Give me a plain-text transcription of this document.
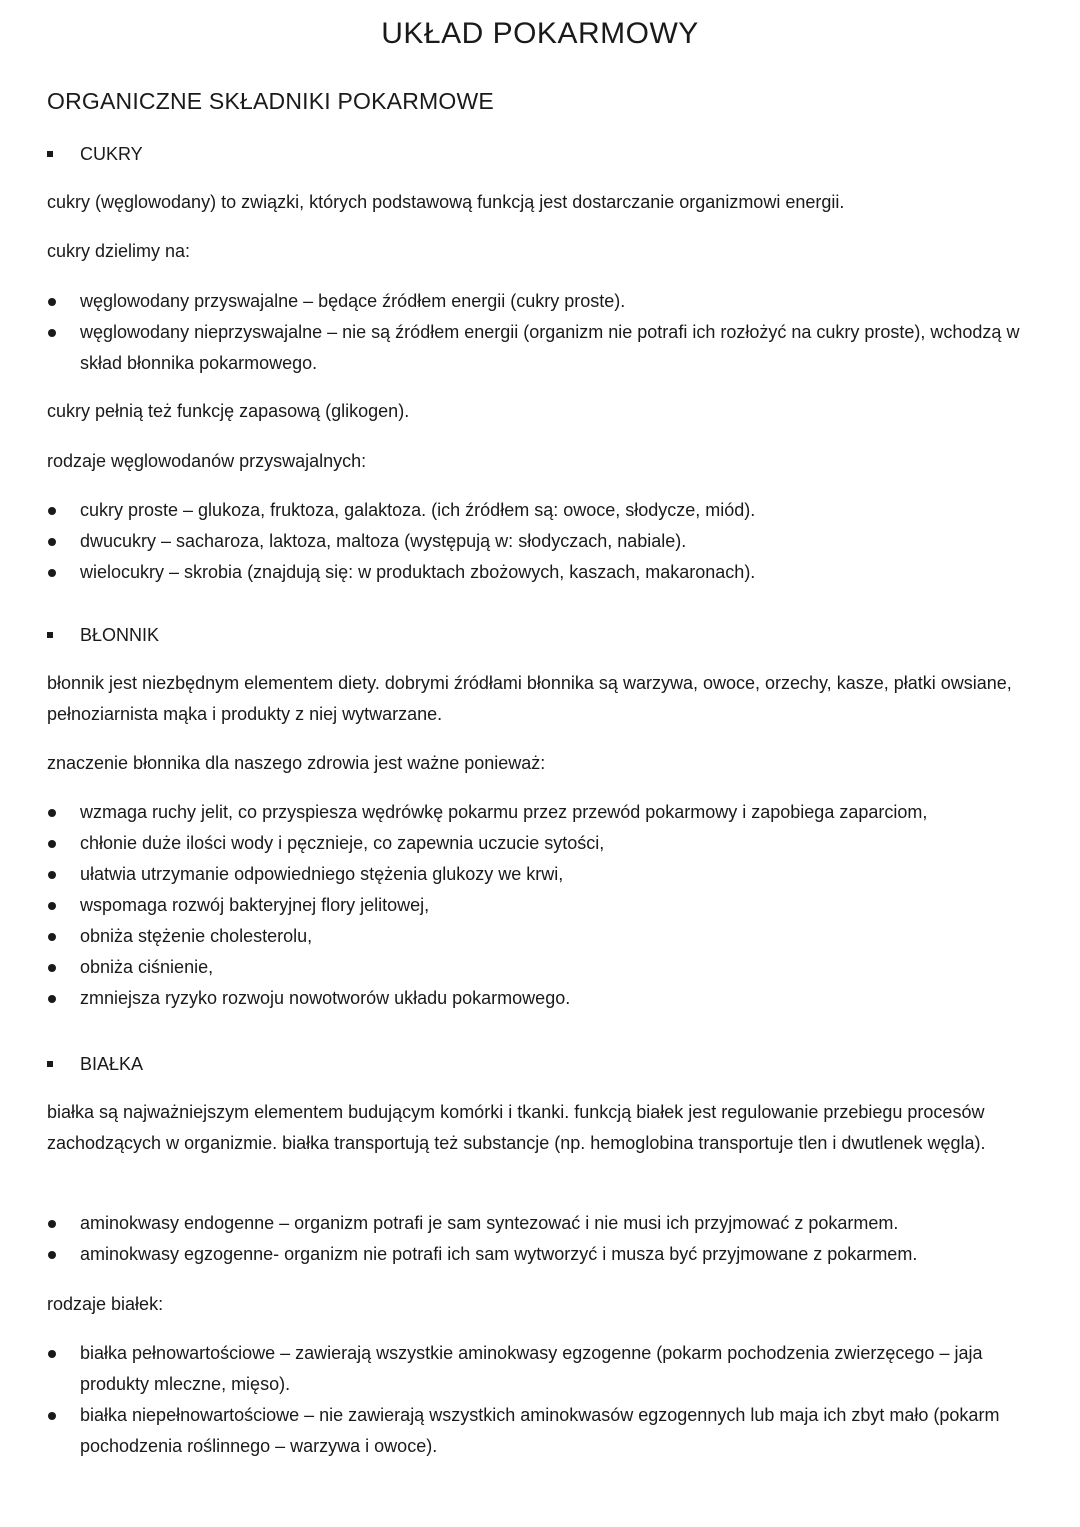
UKŁAD POKARMOWY
ORGANICZNE SKŁADNIKI POKARMOWE
CUKRY

cukry (węglowodany) to związki, których podstawową funkcją jest dostarczanie organizmowi energii.

cukry dzielimy na:

węglowodany przyswajalne – będące źródłem energii (cukry proste).
węglowodany nieprzyswajalne – nie są źródłem energii (organizm nie potrafi ich rozłożyć na cukry proste), wchodzą w skład błonnika pokarmowego.

cukry pełnią też funkcję zapasową (glikogen).

rodzaje węglowodanów przyswajalnych:

cukry proste – glukoza, fruktoza, galaktoza. (ich źródłem są: owoce, słodycze, miód).
dwucukry – sacharoza, laktoza, maltoza (występują w: słodyczach, nabiale).
wielocukry – skrobia (znajdują się: w produktach zbożowych, kaszach, makaronach).
BŁONNIK

błonnik jest niezbędnym elementem diety. dobrymi źródłami błonnika są warzywa, owoce, orzechy, kasze, płatki owsiane, pełnoziarnista mąka i produkty z niej wytwarzane.

znaczenie błonnika dla naszego zdrowia jest ważne ponieważ:

wzmaga ruchy jelit, co przyspiesza wędrówkę pokarmu przez przewód pokarmowy i zapobiega zaparciom,
chłonie duże ilości wody i pęcznieje, co zapewnia uczucie sytości,
ułatwia utrzymanie odpowiedniego stężenia glukozy we krwi,
wspomaga rozwój bakteryjnej flory jelitowej,
obniża stężenie cholesterolu,
obniża ciśnienie,
zmniejsza ryzyko rozwoju nowotworów układu pokarmowego.
BIAŁKA

białka są najważniejszym elementem budującym komórki i tkanki. funkcją białek jest regulowanie przebiegu procesów zachodzących w organizmie. białka transportują też substancje (np. hemoglobina transportuje tlen i dwutlenek węgla).

aminokwasy endogenne – organizm potrafi je sam syntezować i nie musi ich przyjmować z pokarmem.
aminokwasy egzogenne- organizm nie potrafi ich sam wytworzyć i musza być przyjmowane z pokarmem.

rodzaje białek:

białka pełnowartościowe – zawierają wszystkie aminokwasy egzogenne (pokarm pochodzenia zwierzęcego – jaja produkty mleczne, mięso).
białka niepełnowartościowe – nie zawierają wszystkich aminokwasów egzogennych lub maja ich zbyt mało (pokarm pochodzenia roślinnego – warzywa i owoce).
